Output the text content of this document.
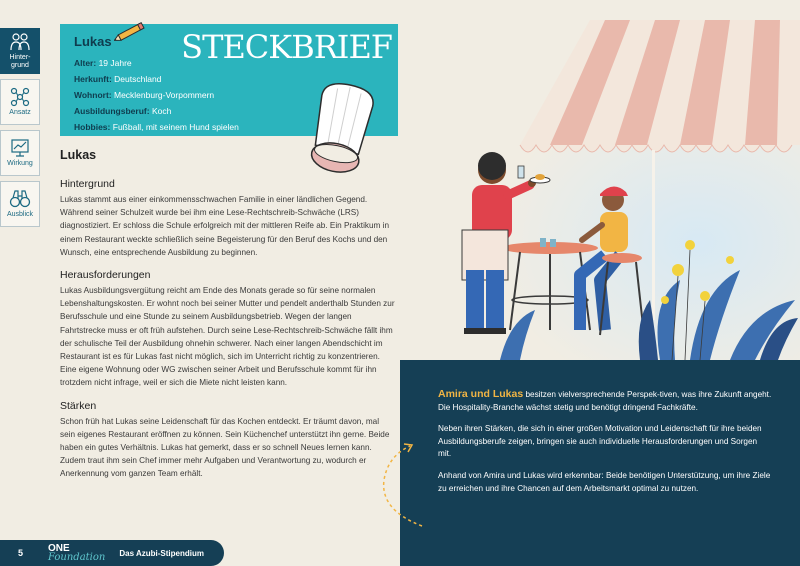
Hinter-
grund
Ansatz
Wirkung
Ausblick
Lukas	STECKBRIEF
Alter: 19 Jahre
Herkunft: Deutschland
Wohnort: Mecklenburg-Vorpommern
Ausbildungsberuf: Koch
Hobbies: Fußball, mit seinem Hund spielen
Lukas
Hintergrund

Lukas stammt aus einer einkommensschwachen Familie in einer ländlichen Gegend. Während seiner Schulzeit wurde bei ihm eine Lese-Rechtschreib-Schwäche (LRS) diagnostiziert. Er schloss die Schule erfolgreich mit der mittleren Reife ab. Ein Praktikum in einem Restaurant weckte schließlich seine Begeisterung für den Beruf des Kochs und den Wunsch, eine entsprechende Ausbildung zu beginnen.

Herausforderungen

Lukas Ausbildungsvergütung reicht am Ende des Monats gerade so für seine normalen Lebenshaltungskosten. Er wohnt noch bei seiner Mutter und pendelt anderthalb Stunden zur Berufsschule und eine Stunde zu seinem Ausbildungsbetrieb. Wegen der langen Fahrtstrecke muss er oft früh aufstehen. Durch seine Lese-Rechtschreib-Schwäche fällt ihm der schulische Teil der Ausbildung ohnehin schwerer. Nach einer langen Abendschicht im Restaurant ist es für Lukas fast nicht möglich, sich im Unterricht richtig zu konzentrieren. Eine eigene Wohnung oder WG zwischen seiner Arbeit und Berufsschule kommt für ihn trotzdem nicht infrage, weil er sich die Miete nicht leisten kann.

Stärken

Schon früh hat Lukas seine Leidenschaft für das Kochen entdeckt. Er träumt davon, mal sein eigenes Restaurant eröffnen zu können. Sein Küchenchef unterstützt ihn gerne. Beide haben ein gutes Verhältnis. Lukas hat gemerkt, dass er so schnell Neues lernen kann. Zudem traut ihm sein Chef immer mehr Aufgaben und Verantwortung zu, wodurch er Anerkennung vom ganzen Team erhält.

Amira und Lukas besitzen vielversprechende Perspek-tiven, was ihre Zukunft angeht. Die Hospitality-Branche wächst stetig und benötigt dringend Fachkräfte.

Neben ihren Stärken, die sich in einer großen Motivation und Leidenschaft für ihre beiden Ausbildungsberufe zeigen, bringen sie auch individuelle Herausforderungen und Sorgen mit.

Anhand von Amira und Lukas wird erkennbar: Beide benötigen Unterstützung, um ihre Ziele zu erreichen und ihre Chancen auf dem Arbeitsmarkt optimal zu nutzen.

5	ONE
Foundation Das Azubi-Stipendium
